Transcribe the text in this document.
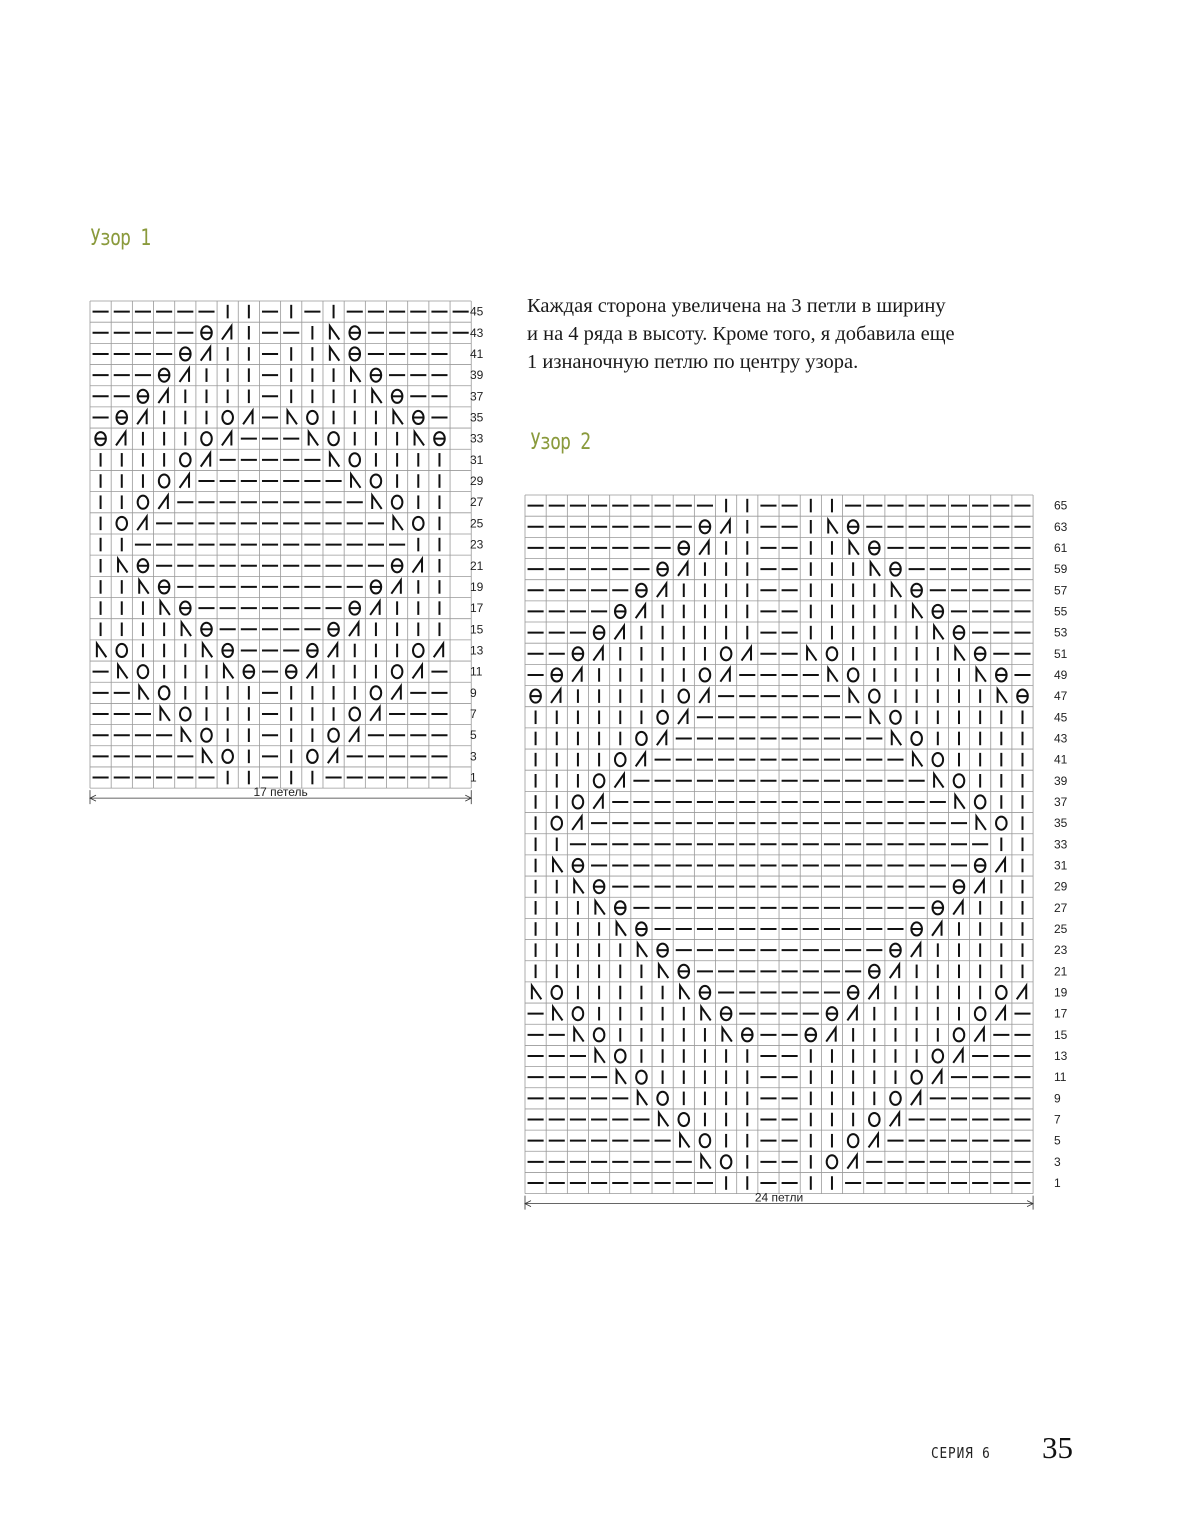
Узор 1
45
43
41
39
37
35
33
31
29
27
25
23
21
19
17
15
13
11
9
7
5
3
1
17 петель

Каждая сторона увеличена на 3 петли в ширину
и на 4 ряда в высоту. Кроме того, я добавила еще
1 изнаночную петлю по центру узора.

Узор 2
65
63
61
59
57
55
53
51
49
47
45
43
41
39
37
35
33
31
29
27
25
23
21
19
17
15
13
11
9
7
5
3
1
24 петли
СЕРИЯ 6 35
